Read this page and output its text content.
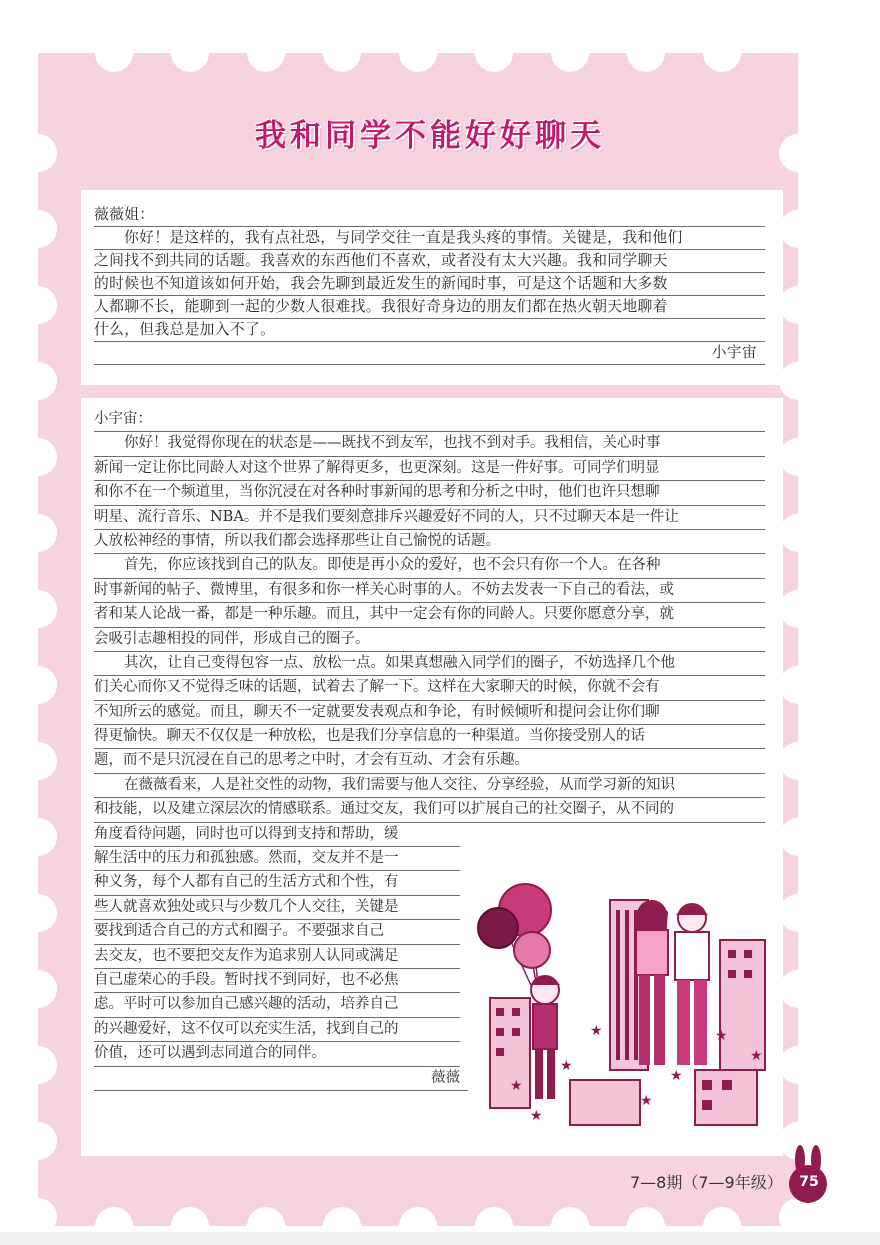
我和同学不能好好聊天
薇薇姐：
你好！是这样的，我有点社恐，与同学交往一直是我头疼的事情。关键是，我和他们
之间找不到共同的话题。我喜欢的东西他们不喜欢，或者没有太大兴趣。我和同学聊天
的时候也不知道该如何开始，我会先聊到最近发生的新闻时事，可是这个话题和大多数
人都聊不长，能聊到一起的少数人很难找。我很好奇身边的朋友们都在热火朝天地聊着
什么，但我总是加入不了。
小宇宙
小宇宙：
你好！我觉得你现在的状态是——既找不到友军，也找不到对手。我相信，关心时事
新闻一定让你比同龄人对这个世界了解得更多，也更深刻。这是一件好事。可同学们明显
和你不在一个频道里，当你沉浸在对各种时事新闻的思考和分析之中时，他们也许只想聊
明星、流行音乐、NBA。并不是我们要刻意排斥兴趣爱好不同的人，只不过聊天本是一件让
人放松神经的事情，所以我们都会选择那些让自己愉悦的话题。
首先，你应该找到自己的队友。即使是再小众的爱好，也不会只有你一个人。在各种
时事新闻的帖子、微博里，有很多和你一样关心时事的人。不妨去发表一下自己的看法，或
者和某人论战一番，都是一种乐趣。而且，其中一定会有你的同龄人。只要你愿意分享，就
会吸引志趣相投的同伴，形成自己的圈子。
其次，让自己变得包容一点、放松一点。如果真想融入同学们的圈子，不妨选择几个他
们关心而你又不觉得乏味的话题，试着去了解一下。这样在大家聊天的时候，你就不会有
不知所云的感觉。而且，聊天不一定就要发表观点和争论，有时候倾听和提问会让你们聊
得更愉快。聊天不仅仅是一种放松，也是我们分享信息的一种渠道。当你接受别人的话
题，而不是只沉浸在自己的思考之中时，才会有互动、才会有乐趣。
在薇薇看来，人是社交性的动物，我们需要与他人交往、分享经验，从而学习新的知识
和技能，以及建立深层次的情感联系。通过交友，我们可以扩展自己的社交圈子，从不同的
角度看待问题，同时也可以得到支持和帮助，缓
解生活中的压力和孤独感。然而，交友并不是一
种义务，每个人都有自己的生活方式和个性，有
些人就喜欢独处或只与少数几个人交往，关键是
要找到适合自己的方式和圈子。不要强求自己
去交友，也不要把交友作为追求别人认同或满足
自己虚荣心的手段。暂时找不到同好，也不必焦
虑。平时可以参加自己感兴趣的活动，培养自己
的兴趣爱好，这不仅可以充实生活，找到自己的
价值，还可以遇到志同道合的同伴。
薇薇
★
★
★
★
★
★
★
★
7—8期（7—9年级）	75
